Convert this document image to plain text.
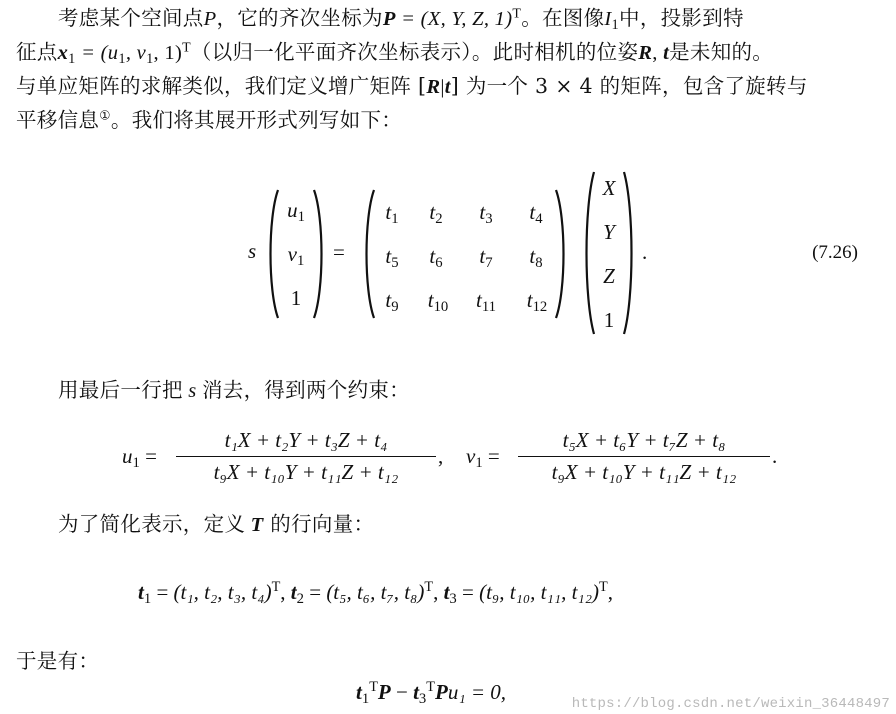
考虑某个空间点P，它的齐次坐标为P = (X, Y, Z, 1)$^T$。在图像$I_1$中，投影到特
征点$x_1 = (u_1$, $v_1$, 1)$^T$（以归一化平面齐次坐标表示）。此时相机的位姿R, t是未知的。
与单应矩阵的求解类似，我们定义增广矩阵 [R|t] 为一个 3 × 4 的矩阵，包含了旋转与
平移信息①。我们将其展开形式列写如下：
s
$u_1$
$v_1$
1
=
$t_1$	$t_2$	$t_3$	$t_4$
$t_5$	$t_6$	$t_7$	$t_8$
$t_9$	$t_{10}$	$t_{11}$	$t_{12}$
X
Y
Z
1
.	(7.26)
用最后一行把 s 消去，得到两个约束：
$u_1$ =
t₁X + t₂Y + t₃Z + t₄
t₉X + t₁₀Y + t₁₁Z + t₁₂
, $v_1$ =
t₅X + t₆Y + t₇Z + t₈
t₉X + t₁₀Y + t₁₁Z + t₁₂
.
为了简化表示，定义 T 的行向量：
$t_1 = (t_1$, t₂, t₃, t₄)$^T$, $t_2 = (t_5$, t₆, t₇, t₈)$^T$, $t_3 = (t_9$, t₁₀, t₁₁, t₁₂)$^T$,
于是有：
$t_1^TP - t_3^TPu_1 = 0$,	https://blog.csdn.net/weixin_36448497
